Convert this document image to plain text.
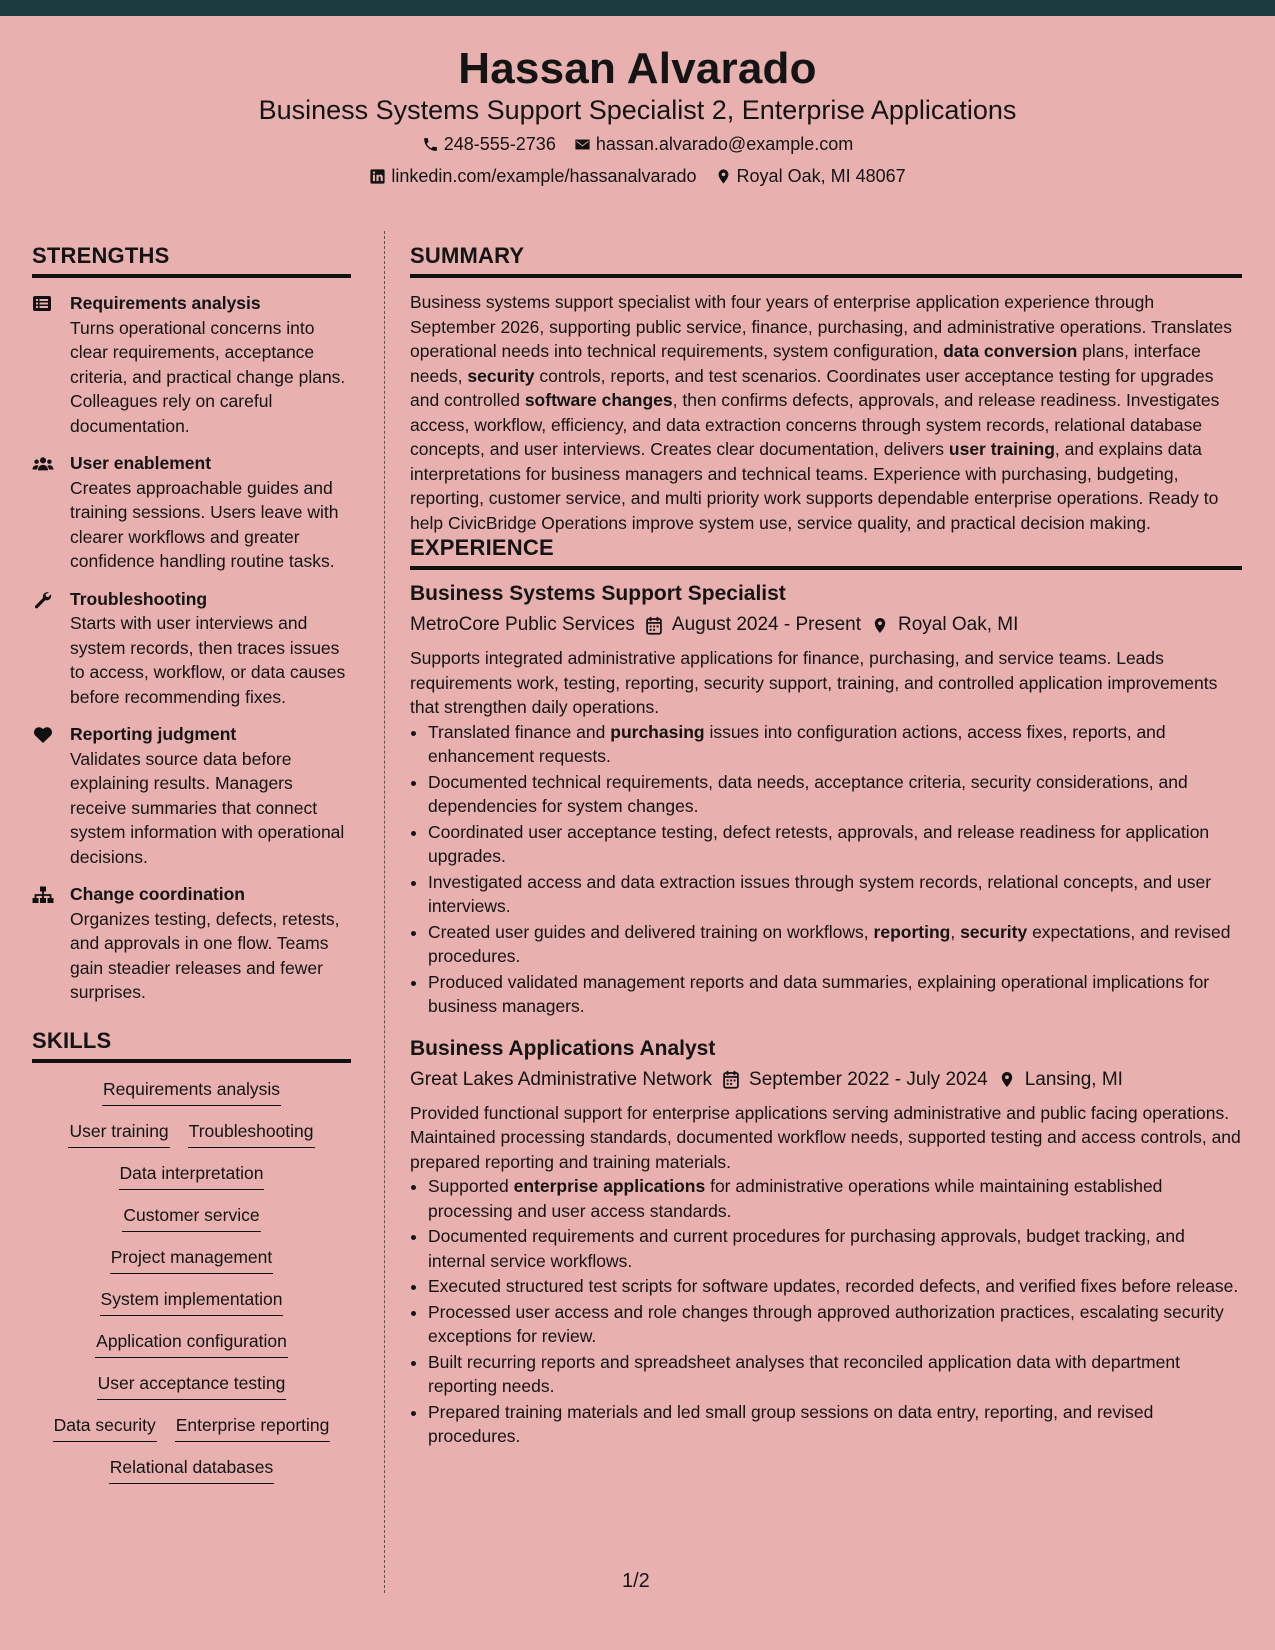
Hassan Alvarado
Business Systems Support Specialist 2, Enterprise Applications
248-555-2736 hassan.alvarado@example.com
linkedin.com/example/hassanalvarado Royal Oak, MI 48067
STRENGTHS
Requirements analysis
Turns operational concerns into clear requirements, acceptance criteria, and practical change plans. Colleagues rely on careful documentation.
User enablement
Creates approachable guides and training sessions. Users leave with clearer workflows and greater confidence handling routine tasks.
Troubleshooting
Starts with user interviews and system records, then traces issues to access, workflow, or data causes before recommending fixes.
Reporting judgment
Validates source data before explaining results. Managers receive summaries that connect system information with operational decisions.
Change coordination
Organizes testing, defects, retests, and approvals in one flow. Teams gain steadier releases and fewer surprises.
SKILLS
Requirements analysis
User training Troubleshooting
Data interpretation
Customer service
Project management
System implementation
Application configuration
User acceptance testing
Data security Enterprise reporting
Relational databases
SUMMARY

Business systems support specialist with four years of enterprise application experience through September 2026, supporting public service, finance, purchasing, and administrative operations. Translates operational needs into technical requirements, system configuration, data conversion plans, interface needs, security controls, reports, and test scenarios. Coordinates user acceptance testing for upgrades and controlled software changes, then confirms defects, approvals, and release readiness. Investigates access, workflow, efficiency, and data extraction concerns through system records, relational database concepts, and user interviews. Creates clear documentation, delivers user training, and explains data interpretations for business managers and technical teams. Experience with purchasing, budgeting, reporting, customer service, and multi priority work supports dependable enterprise operations. Ready to help CivicBridge Operations improve system use, service quality, and practical decision making.

EXPERIENCE
Business Systems Support Specialist
MetroCore Public Services August 2024 - Present Royal Oak, MI

Supports integrated administrative applications for finance, purchasing, and service teams. Leads requirements work, testing, reporting, security support, training, and controlled application improvements that strengthen daily operations.

• Translated finance and purchasing issues into configuration actions, access fixes, reports, and enhancement requests.
• Documented technical requirements, data needs, acceptance criteria, security considerations, and dependencies for system changes.
• Coordinated user acceptance testing, defect retests, approvals, and release readiness for application upgrades.
• Investigated access and data extraction issues through system records, relational concepts, and user interviews.
• Created user guides and delivered training on workflows, reporting, security expectations, and revised procedures.
• Produced validated management reports and data summaries, explaining operational implications for business managers.
Business Applications Analyst
Great Lakes Administrative Network September 2022 - July 2024 Lansing, MI

Provided functional support for enterprise applications serving administrative and public facing operations. Maintained processing standards, documented workflow needs, supported testing and access controls, and prepared reporting and training materials.

• Supported enterprise applications for administrative operations while maintaining established processing and user access standards.
• Documented requirements and current procedures for purchasing approvals, budget tracking, and internal service workflows.
• Executed structured test scripts for software updates, recorded defects, and verified fixes before release.
• Processed user access and role changes through approved authorization practices, escalating security exceptions for review.
• Built recurring reports and spreadsheet analyses that reconciled application data with department reporting needs.
• Prepared training materials and led small group sessions on data entry, reporting, and revised procedures.
1/2
